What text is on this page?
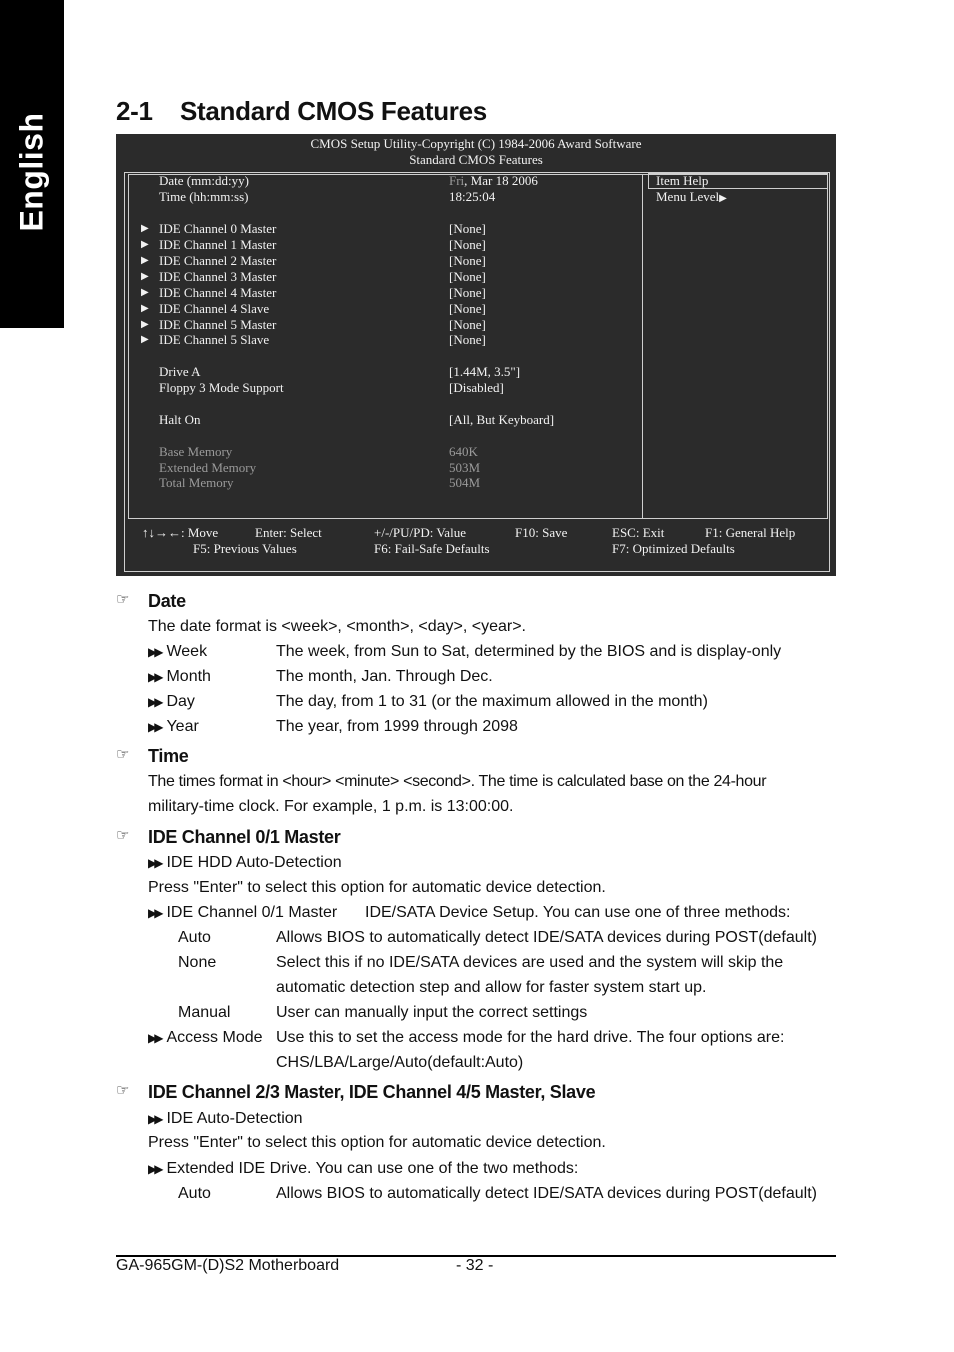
English
2-1 Standard CMOS Features
CMOS Setup Utility-Copyright (C) 1984-2006 Award Software
Standard CMOS Features
Date (mm:dd:yy)	Fri, Mar 18 2006
Time (hh:mm:ss)	18:25:04
▶ IDE Channel 0 Master	[None]
▶ IDE Channel 1 Master	[None]
▶ IDE Channel 2 Master	[None]
▶ IDE Channel 3 Master	[None]
▶ IDE Channel 4 Master	[None]
▶ IDE Channel 4 Slave	[None]
▶ IDE Channel 5 Master	[None]
▶ IDE Channel 5 Slave	[None]
Drive A	[1.44M, 3.5"]
Floppy 3 Mode Support	[Disabled]
Halt On	[All, But Keyboard]
Base Memory	640K
Extended Memory	503M
Total Memory	504M
Item Help
Menu Level▶
↑↓→←: Move	Enter: Select	+/-/PU/PD: Value	F10: Save	ESC: Exit	F1: General Help
F5: Previous Values	F6: Fail-Safe Defaults	F7: Optimized Defaults
☞ Date
The date format is <week>, <month>, <day>, <year>.
▶▶ Week	The week, from Sun to Sat, determined by the BIOS and is display-only
▶▶ Month	The month, Jan. Through Dec.
▶▶ Day	The day, from 1 to 31 (or the maximum allowed in the month)
▶▶ Year	The year, from 1999 through 2098
☞ Time
The times format in <hour> <minute> <second>. The time is calculated base on the 24-hour
military-time clock. For example, 1 p.m. is 13:00:00.
☞ IDE Channel 0/1 Master
▶▶ IDE HDD Auto-Detection
Press "Enter" to select this option for automatic device detection.
▶▶ IDE Channel 0/1 Master IDE/SATA Device Setup. You can use one of three methods:
Auto	Allows BIOS to automatically detect IDE/SATA devices during POST(default)
None	Select this if no IDE/SATA devices are used and the system will skip the
automatic detection step and allow for faster system start up.
Manual	User can manually input the correct settings
▶▶ Access Mode Use this to set the access mode for the hard drive. The four options are:
CHS/LBA/Large/Auto(default:Auto)
☞ IDE Channel 2/3 Master, IDE Channel 4/5 Master, Slave
▶▶ IDE Auto-Detection
Press "Enter" to select this option for automatic device detection.
▶▶ Extended IDE Drive. You can use one of the two methods:
Auto	Allows BIOS to automatically detect IDE/SATA devices during POST(default)
GA-965GM-(D)S2 Motherboard	- 32 -
